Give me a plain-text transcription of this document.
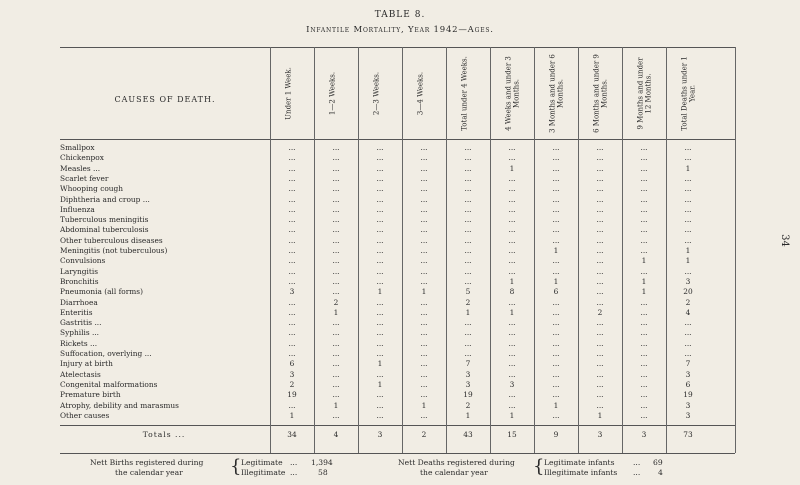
TABLE 8.
Infantile Mortality, Year 1942—Ages.
CAUSES OF DEATH.	Under 1 Week.	1—2 Weeks.	2—3 Weeks.	3—4 Weeks.	Total under 4 Weeks.	4 Weeks and under 3 Months.	3 Months and under 6 Months.	6 Months and under 9 Months.	9 Months and under 12 Months.	Total Deaths under 1 Year.
Smallpox	...	...	...	...	...	...	...	...	...	...
Chickenpox	...	...	...	...	...	...	...	...	...	...
Measles ...	...	...	...	...	...	1	...	...	...	1
Scarlet fever	...	...	...	...	...	...	...	...	...	...
Whooping cough	...	...	...	...	...	...	...	...	...	...
Diphtheria and croup ...	...	...	...	...	...	...	...	...	...	...
Influenza	...	...	...	...	...	...	...	...	...	...
Tuberculous meningitis	...	...	...	...	...	...	...	...	...	...
Abdominal tuberculosis	...	...	...	...	...	...	...	...	...	...
Other tuberculous diseases	...	...	...	...	...	...	...	...	...	...
Meningitis (not tuberculous)	...	...	...	...	...	...	1	...	...	1
Convulsions	...	...	...	...	...	...	...	...	1	1
Laryngitis	...	...	...	...	...	...	...	...	...	...
Bronchitis	...	...	...	...	...	1	1	...	1	3
Pneumonia (all forms)	3	...	1	1	5	8	6	...	1	20
Diarrhoea	...	2	...	...	2	...	...	...	...	2
Enteritis	...	1	...	...	1	1	...	2	...	4
Gastritis ...	...	...	...	...	...	...	...	...	...	...
Syphilis ...	...	...	...	...	...	...	...	...	...	...
Rickets ...	...	...	...	...	...	...	...	...	...	...
Suffocation, overlying ...	...	...	...	...	...	...	...	...	...	...
Injury at birth	6	...	1	...	7	...	...	...	...	7
Atelectasis	3	...	...	...	3	...	...	...	...	3
Congenital malformations	2	...	1	...	3	3	...	...	...	6
Premature birth	19	...	...	...	19	...	...	...	...	19
Atrophy, debility and marasmus	...	1	...	1	2	...	1	...	...	3
Other causes	1	...	...	...	1	1	...	1	...	3
Totals ...	34	4	3	2	43	15	9	3	3	73
34
Nett Births registered during
the calendar year	{ Legitimate ... 1,394
Illegitimate ...	58
Nett Deaths registered during
the calendar year	{ Legitimate infants ... 69
Illegitimate infants ... 4
